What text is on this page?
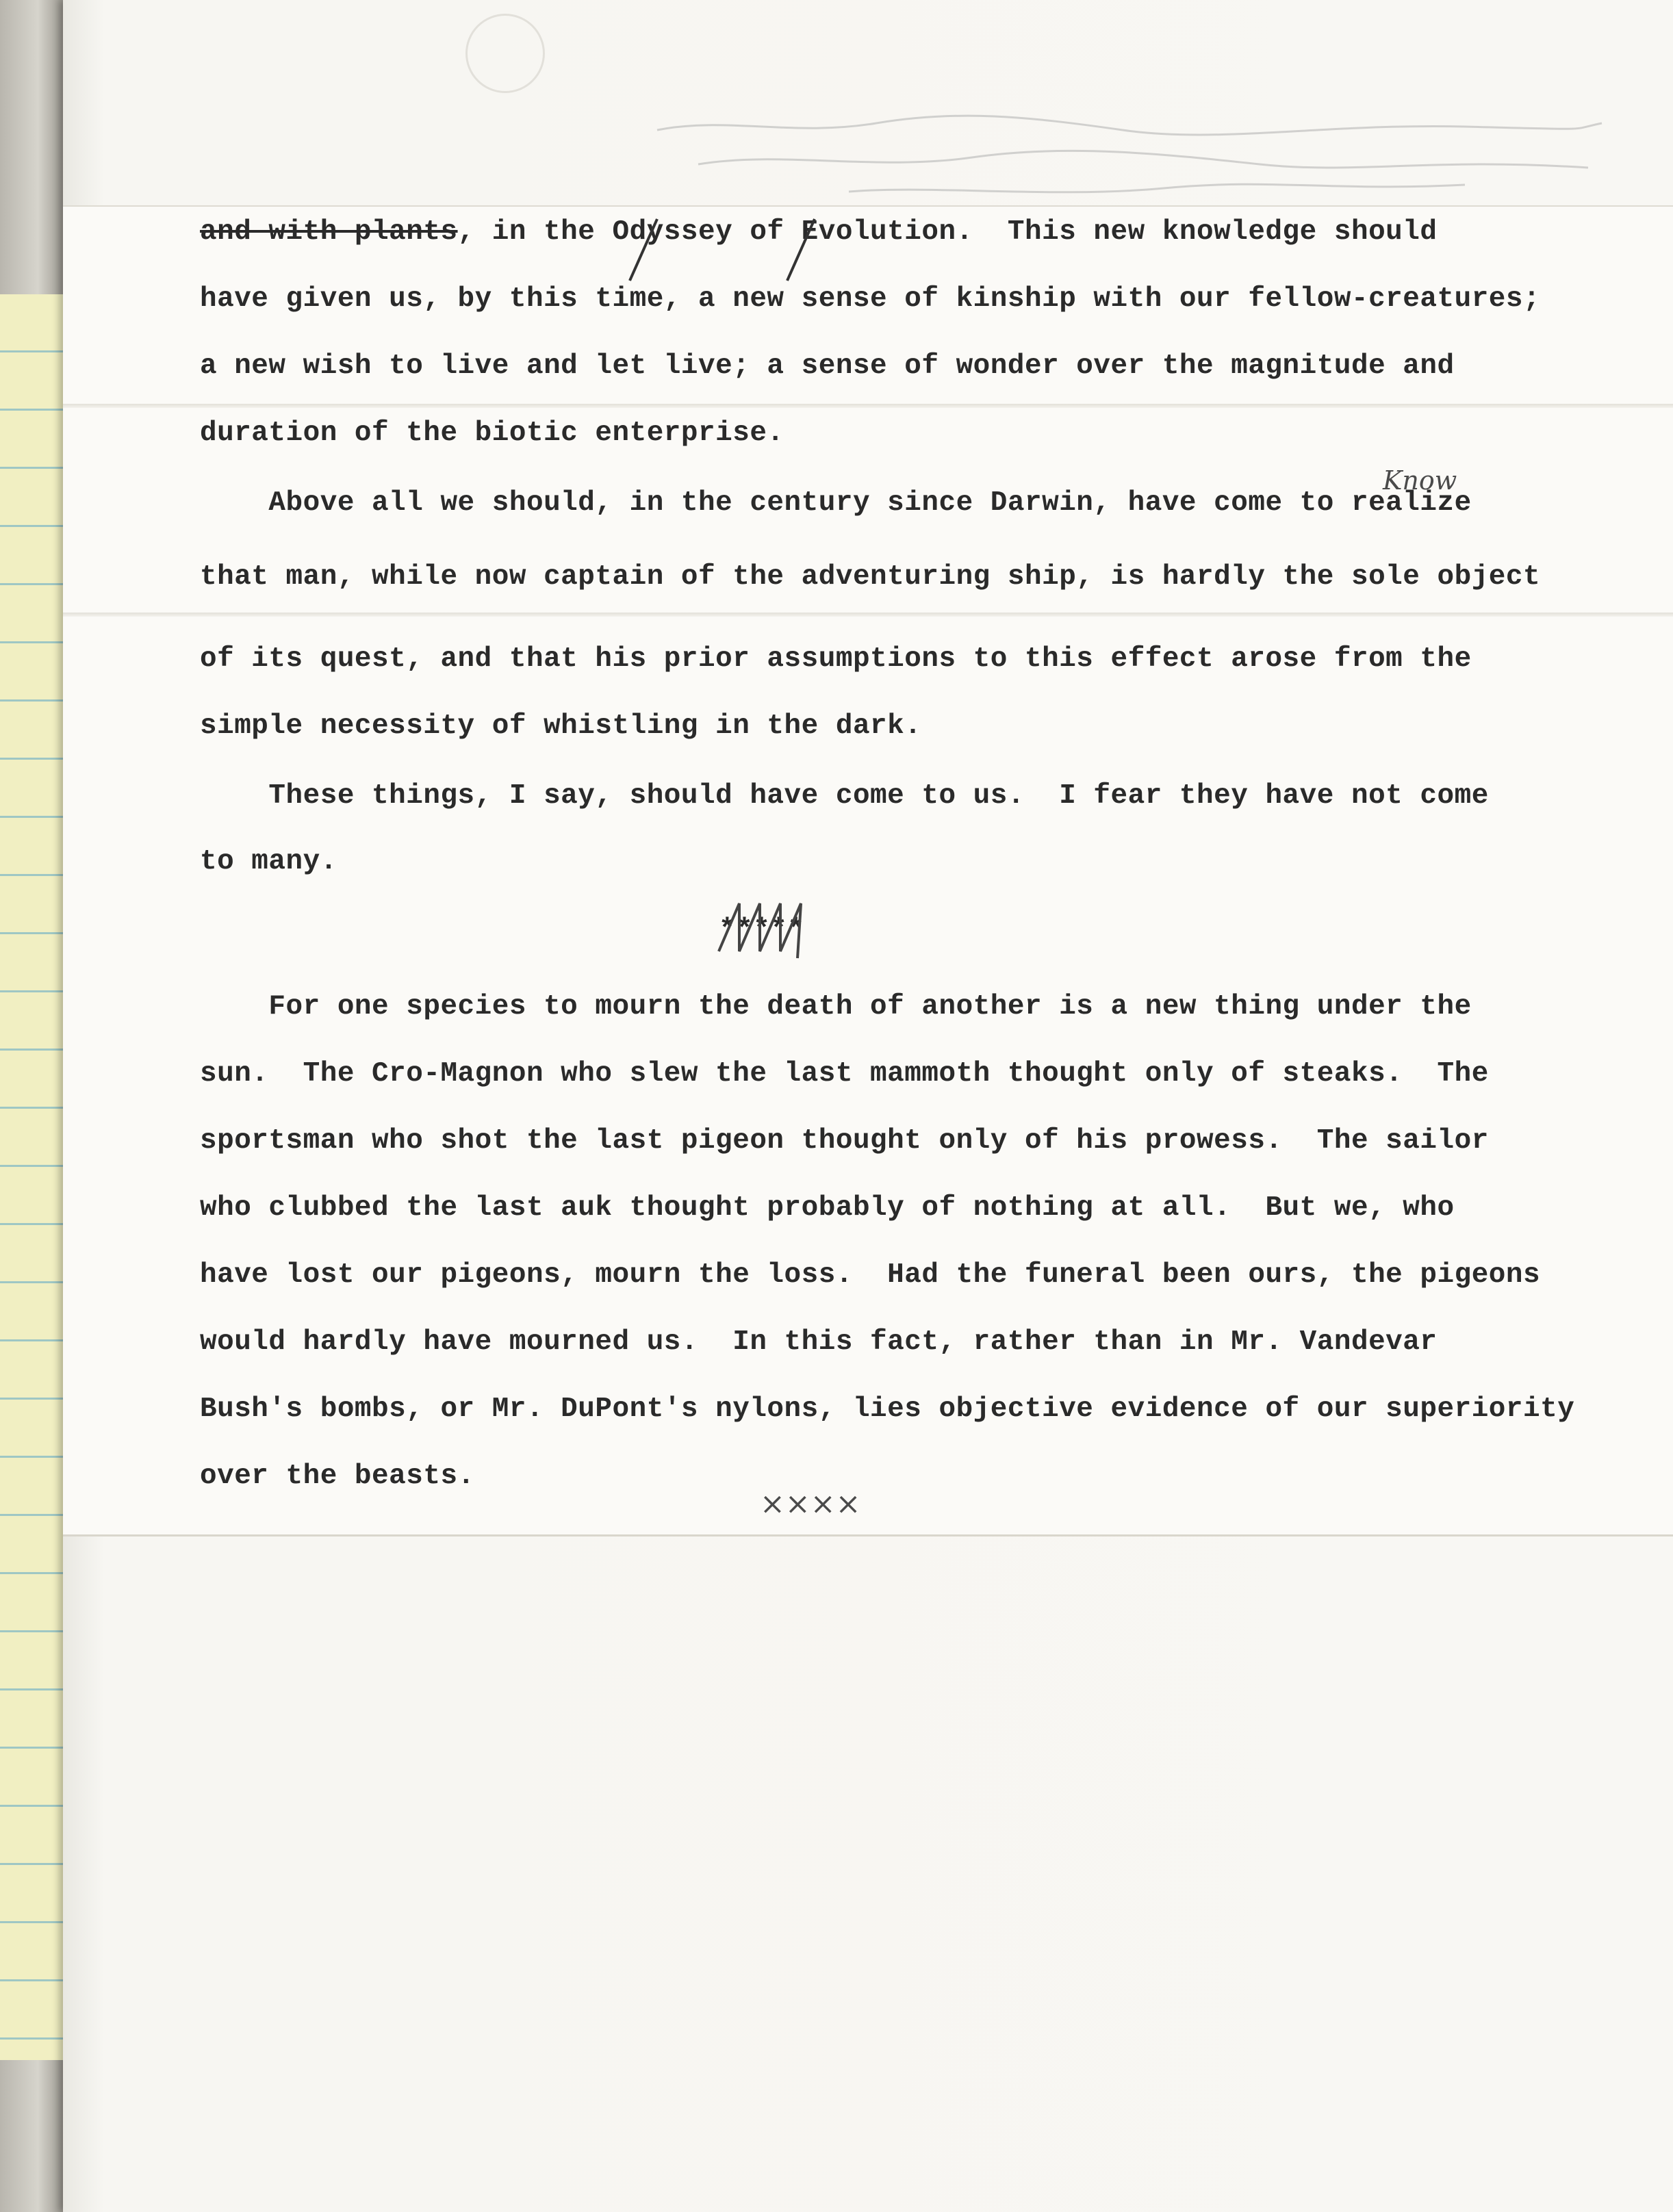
and with plants, in the Odyssey of Evolution.  This new knowledge should

have given us, by this time, a new sense of kinship with our fellow-creatures;

a new wish to live and let live; a sense of wonder over the magnitude and

duration of the biotic enterprise.

Above all we should, in the century since Darwin, have come to realize

that man, while now captain of the adventuring ship, is hardly the sole object

of its quest, and that his prior assumptions to this effect arose from the

simple necessity of whistling in the dark.

These things, I say, should have come to us.  I fear they have not come

to many.

*****

For one species to mourn the death of another is a new thing under the

sun.  The Cro-Magnon who slew the last mammoth thought only of steaks.  The

sportsman who shot the last pigeon thought only of his prowess.  The sailor

who clubbed the last auk thought probably of nothing at all.  But we, who

have lost our pigeons, mourn the loss.  Had the funeral been ours, the pigeons

would hardly have mourned us.  In this fact, rather than in Mr. Vandevar

Bush's bombs, or Mr. DuPont's nylons, lies objective evidence of our superiority

over the beasts.

Know
××××
